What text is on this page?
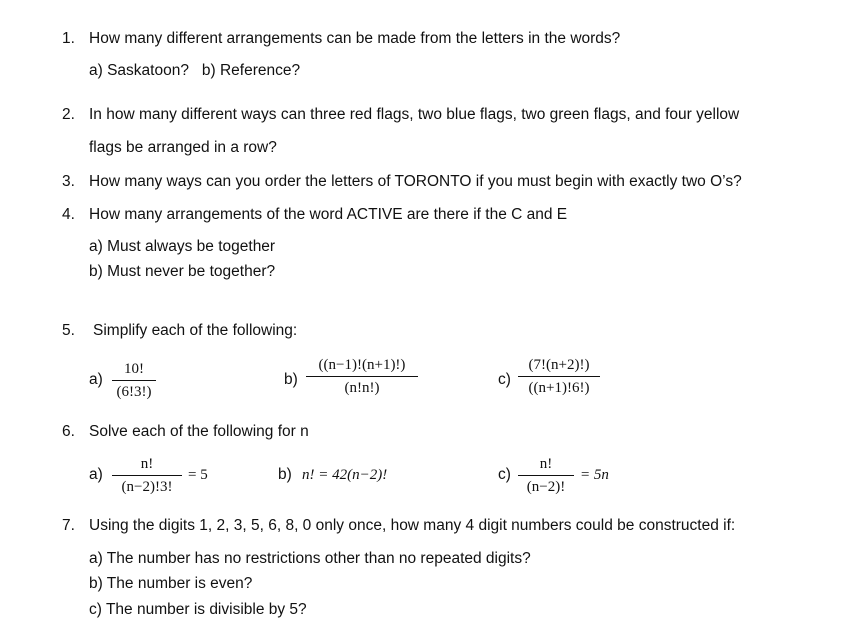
1. How many different arrangements can be made from the letters in the words?
a) Saskatoon?   b) Reference?
2. In how many different ways can three red flags, two blue flags, two green flags, and four yellow
flags be arranged in a row?
3. How many ways can you order the letters of TORONTO if you must begin with exactly two O’s?
4. How many arrangements of the word ACTIVE are there if the C and E
a) Must always be together
b) Must never be together?
5. Simplify each of the following:
a)
10!
(6!3!)
b)
((n−1)!(n+1)!)
(n!n!)	c)
(7!(n+2)!)
((n+1)!6!)
6. Solve each of the following for n
a)
n!
(n−2)!3!
= 5	b) n! = 42(n−2)!	c)
n!
(n−2)!
= 5n
7. Using the digits 1, 2, 3, 5, 6, 8, 0 only once, how many 4 digit numbers could be constructed if:
a) The number has no restrictions other than no repeated digits?
b) The number is even?
c) The number is divisible by 5?
